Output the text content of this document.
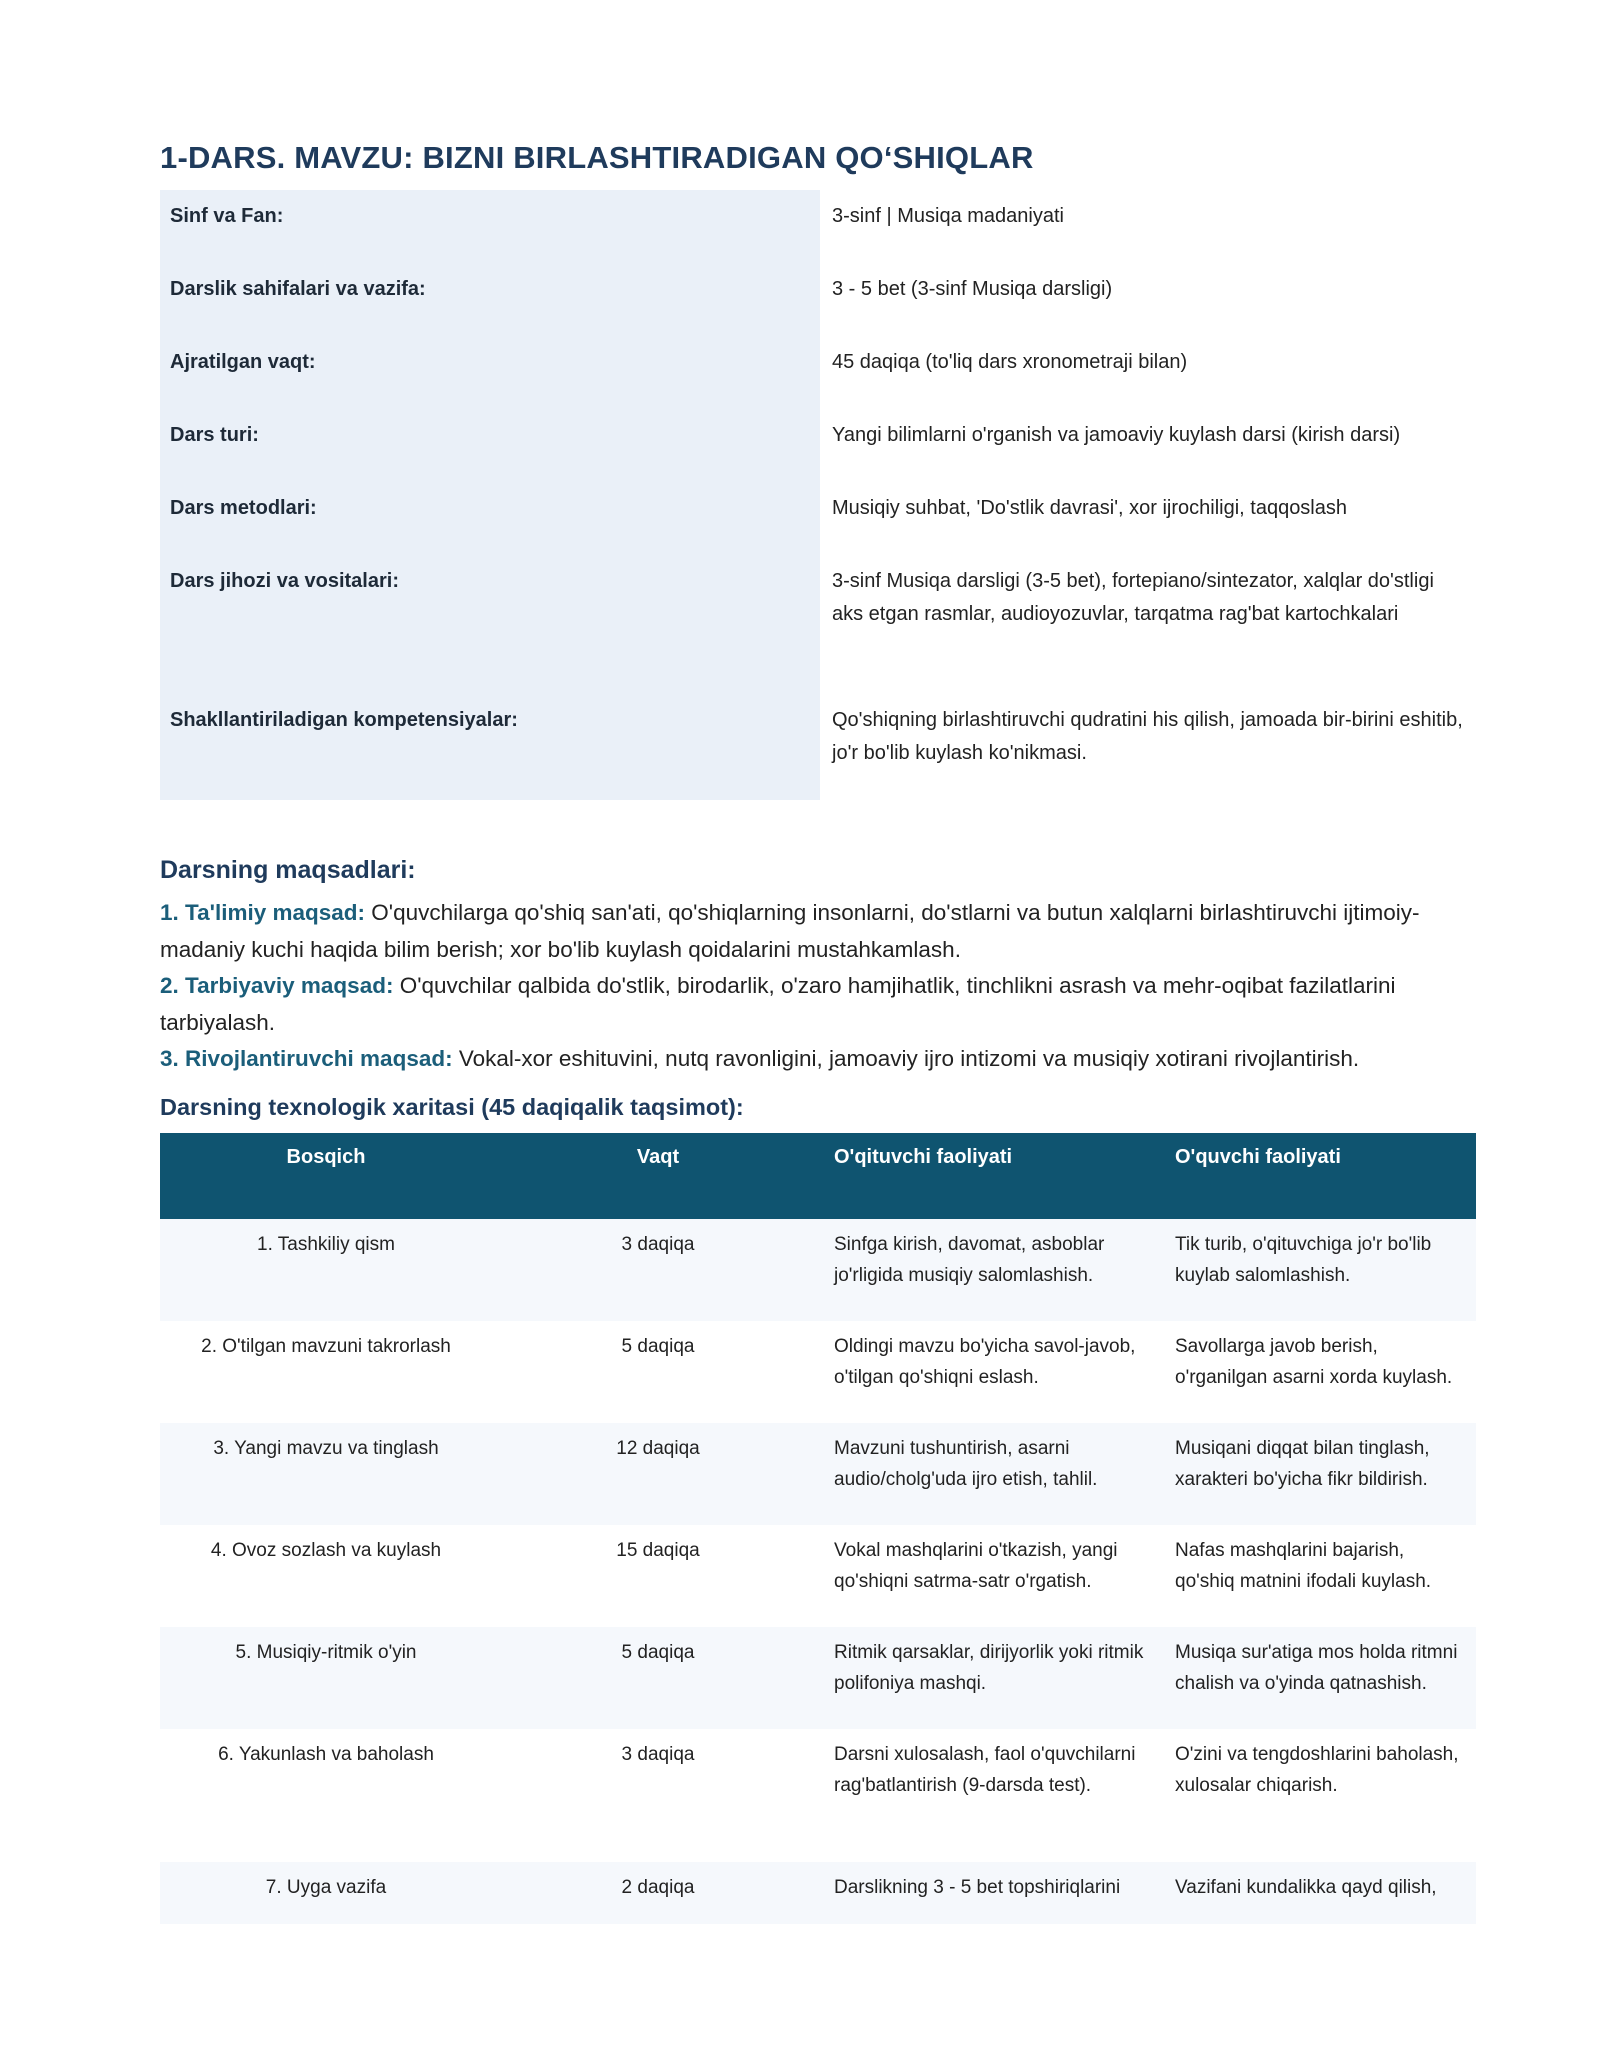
1-DARS. MAVZU: BIZNI BIRLASHTIRADIGAN QO‘SHIQLAR
Sinf va Fan:	3-sinf | Musiqa madaniyati
Darslik sahifalari va vazifa:	3 - 5 bet (3-sinf Musiqa darsligi)
Ajratilgan vaqt:	45 daqiqa (to'liq dars xronometraji bilan)
Dars turi:	Yangi bilimlarni o'rganish va jamoaviy kuylash darsi (kirish darsi)
Dars metodlari:	Musiqiy suhbat, 'Do'stlik davrasi', xor ijrochiligi, taqqoslash
Dars jihozi va vositalari:	3-sinf Musiqa darsligi (3-5 bet), fortepiano/sintezator, xalqlar do'stligi aks etgan rasmlar, audioyozuvlar, tarqatma rag'bat kartochkalari
Shakllantiriladigan kompetensiyalar:	Qo'shiqning birlashtiruvchi qudratini his qilish, jamoada bir-birini eshitib, jo'r bo'lib kuylash ko'nikmasi.
Darsning maqsadlari:
1. Ta'limiy maqsad: O'quvchilarga qo'shiq san'ati, qo'shiqlarning insonlarni, do'stlarni va butun xalqlarni birlashtiruvchi ijtimoiy-madaniy kuchi haqida bilim berish; xor bo'lib kuylash qoidalarini mustahkamlash.
2. Tarbiyaviy maqsad: O'quvchilar qalbida do'stlik, birodarlik, o'zaro hamjihatlik, tinchlikni asrash va mehr-oqibat fazilatlarini tarbiyalash.
3. Rivojlantiruvchi maqsad: Vokal-xor eshituvini, nutq ravonligini, jamoaviy ijro intizomi va musiqiy xotirani rivojlantirish.
Darsning texnologik xaritasi (45 daqiqalik taqsimot):
Bosqich	Vaqt	O'qituvchi faoliyati	O'quvchi faoliyati
1. Tashkiliy qism	3 daqiqa	Sinfga kirish, davomat, asboblar jo'rligida musiqiy salomlashish.	Tik turib, o'qituvchiga jo'r bo'lib kuylab salomlashish.
2. O'tilgan mavzuni takrorlash	5 daqiqa	Oldingi mavzu bo'yicha savol-javob, o'tilgan qo'shiqni eslash.	Savollarga javob berish, o'rganilgan asarni xorda kuylash.
3. Yangi mavzu va tinglash	12 daqiqa	Mavzuni tushuntirish, asarni audio/cholg'uda ijro etish, tahlil.	Musiqani diqqat bilan tinglash, xarakteri bo'yicha fikr bildirish.
4. Ovoz sozlash va kuylash	15 daqiqa	Vokal mashqlarini o'tkazish, yangi qo'shiqni satrma-satr o'rgatish.	Nafas mashqlarini bajarish, qo'shiq matnini ifodali kuylash.
5. Musiqiy-ritmik o'yin	5 daqiqa	Ritmik qarsaklar, dirijyorlik yoki ritmik polifoniya mashqi.	Musiqa sur'atiga mos holda ritmni chalish va o'yinda qatnashish.
6. Yakunlash va baholash	3 daqiqa	Darsni xulosalash, faol o'quvchilarni rag'batlantirish (9-darsda test).	O'zini va tengdoshlarini baholash, xulosalar chiqarish.
7. Uyga vazifa	2 daqiqa	Darslikning 3 - 5 bet topshiriqlarini	Vazifani kundalikka qayd qilish,
